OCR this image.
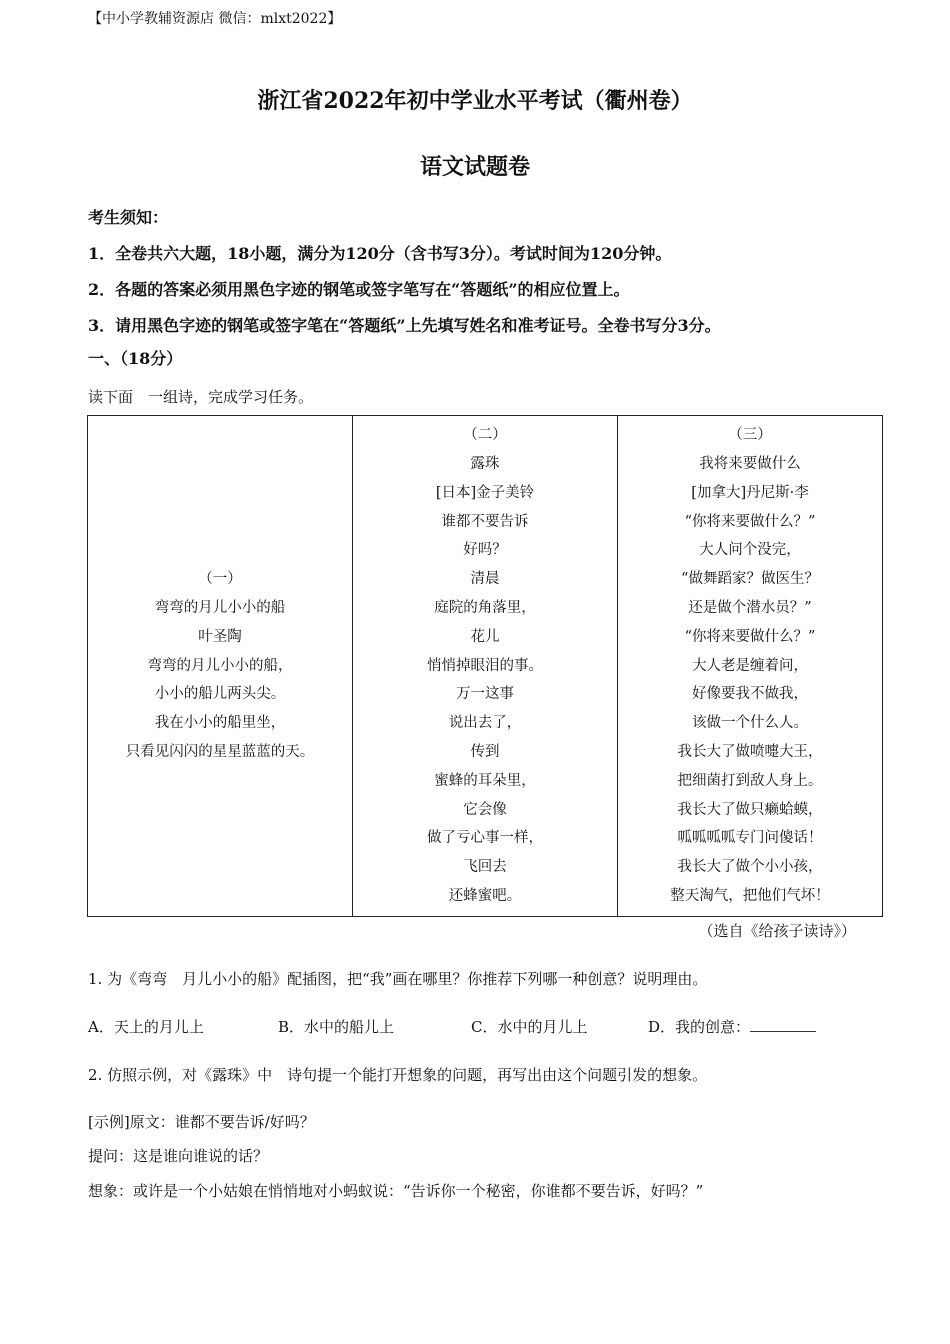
【中小学教辅资源店 微信：mlxt2022】
浙江省2022年初中学业水平考试（衢州卷）
语文试题卷
考生须知：
1．全卷共六大题，18小题，满分为120分（含书写3分）。考试时间为120分钟。
2．各题的答案必须用黑色字迹的钢笔或签字笔写在“答题纸”的相应位置上。
3．请用黑色字迹的钢笔或签字笔在“答题纸”上先填写姓名和准考证号。全卷书写分3分。
一、（18分）
读下面　一组诗，完成学习任务。
（一）
弯弯的月儿小小的船
叶圣陶
弯弯的月儿小小的船，
小小的船儿两头尖。
我在小小的船里坐，
只看见闪闪的星星蓝蓝的天。
（二）
露珠
[日本]金子美铃
谁都不要告诉
好吗？
清晨
庭院的角落里，
花儿
悄悄掉眼泪的事。
万一这事
说出去了，
传到
蜜蜂的耳朵里，
它会像
做了亏心事一样，
飞回去
还蜂蜜吧。
（三）
我将来要做什么
[加拿大]丹尼斯·李
“你将来要做什么？”
大人问个没完，
“做舞蹈家？做医生？
还是做个潜水员？”
“你将来要做什么？”
大人老是缠着问，
好像要我不做我，
该做一个什么人。
我长大了做喷嚏大王，
把细菌打到敌人身上。
我长大了做只癞蛤蟆，
呱呱呱呱专门问傻话！
我长大了做个小小孩，
整天淘气，把他们气坏！
（选自《给孩子读诗》）
1. 为《弯弯　月儿小小的船》配插图，把“我”画在哪里？你推荐下列哪一种创意？说明理由。
A．天上的月儿上	B．水中的船儿上	C．水中的月儿上	D．我的创意：
2. 仿照示例，对《露珠》中　诗句提一个能打开想象的问题，再写出由这个问题引发的想象。
[示例]原文：谁都不要告诉/好吗？
提问：这是谁向谁说的话？
想象：或许是一个小姑娘在悄悄地对小蚂蚁说：“告诉你一个秘密，你谁都不要告诉，好吗？”
